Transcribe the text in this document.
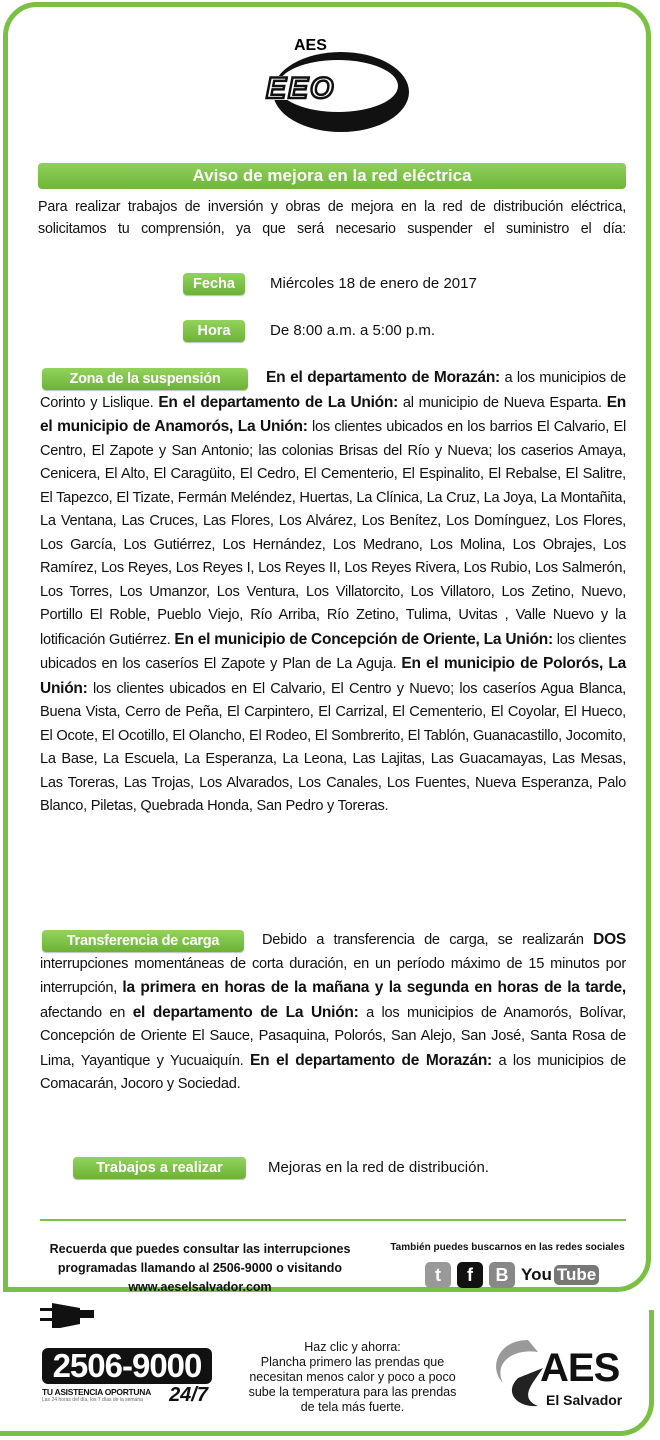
AES
EEO
Aviso de mejora en la red eléctrica
Para realizar trabajos de inversión y obras de mejora en la red de distribución eléctrica, solicitamos tu comprensión, ya que será necesario suspender el suministro el día:
Fecha	Miércoles 18 de enero de 2017
Hora	De 8:00 a.m. a 5:00 p.m.
Zona de la suspensión	En el departamento de Morazán: a los municipios de Corinto y Lislique. En el departamento de La Unión: al municipio de Nueva Esparta. En el municipio de Anamorós, La Unión: los clientes ubicados en los barrios El Calvario, El Centro, El Zapote y San Antonio; las colonias Brisas del Río y Nueva; los caserios Amaya, Cenicera, El Alto, El Caragüito, El Cedro, El Cementerio, El Espinalito, El Rebalse, El Salitre, El Tapezco, El Tizate, Fermán Meléndez, Huertas, La Clínica, La Cruz, La Joya, La Montañita, La Ventana, Las Cruces, Las Flores, Los Alvárez, Los Benítez, Los Domínguez, Los Flores, Los García, Los Gutiérrez, Los Hernández, Los Medrano, Los Molina, Los Obrajes, Los Ramírez, Los Reyes, Los Reyes I, Los Reyes II, Los Reyes Rivera, Los Rubio, Los Salmerón, Los Torres, Los Umanzor, Los Ventura, Los Villatorcito, Los Villatoro, Los Zetino, Nuevo, Portillo El Roble, Pueblo Viejo, Río Arriba, Río Zetino, Tulima, Uvitas , Valle Nuevo y la lotificación Gutiérrez. En el municipio de Concepción de Oriente, La Unión: los clientes ubicados en los caseríos El Zapote y Plan de La Aguja. En el municipio de Polorós, La Unión: los clientes ubicados en El Calvario, El Centro y Nuevo; los caseríos Agua Blanca, Buena Vista, Cerro de Peña, El Carpintero, El Carrizal, El Cementerio, El Coyolar, El Hueco, El Ocote, El Ocotillo, El Olancho, El Rodeo, El Sombrerito, El Tablón, Guanacastillo, Jocomito, La Base, La Escuela, La Esperanza, La Leona, Las Lajitas, Las Guacamayas, Las Mesas, Las Toreras, Las Trojas, Los Alvarados, Los Canales, Los Fuentes, Nueva Esperanza, Palo Blanco, Piletas, Quebrada Honda, San Pedro y Toreras.
Transferencia de carga	Debido a transferencia de carga, se realizarán DOS interrupciones momentáneas de corta duración, en un período máximo de 15 minutos por interrupción, la primera en horas de la mañana y la segunda en horas de la tarde, afectando en el departamento de La Unión: a los municipios de Anamorós, Bolívar, Concepción de Oriente El Sauce, Pasaquina, Polorós, San Alejo, San José, Santa Rosa de Lima, Yayantique y Yucuaiquín. En el departamento de Morazán: a los municipios de Comacarán, Jocoro y Sociedad.
Trabajos a realizar	Mejoras en la red de distribución.
Recuerda que puedes consultar las interrupciones programadas llamando al 2506-9000 o visitando
www.aeselsalvador.com
También puedes buscarnos en las redes sociales
t	f	B You Tube
2506-9000
TU ASISTENCIA OPORTUNA
Las 24 horas del día, los 7 días de la semana	24/7
Haz clic y ahorra:
Plancha primero las prendas que necesitan menos calor y poco a poco sube la temperatura para las prendas de tela más fuerte.
AES
El Salvador
